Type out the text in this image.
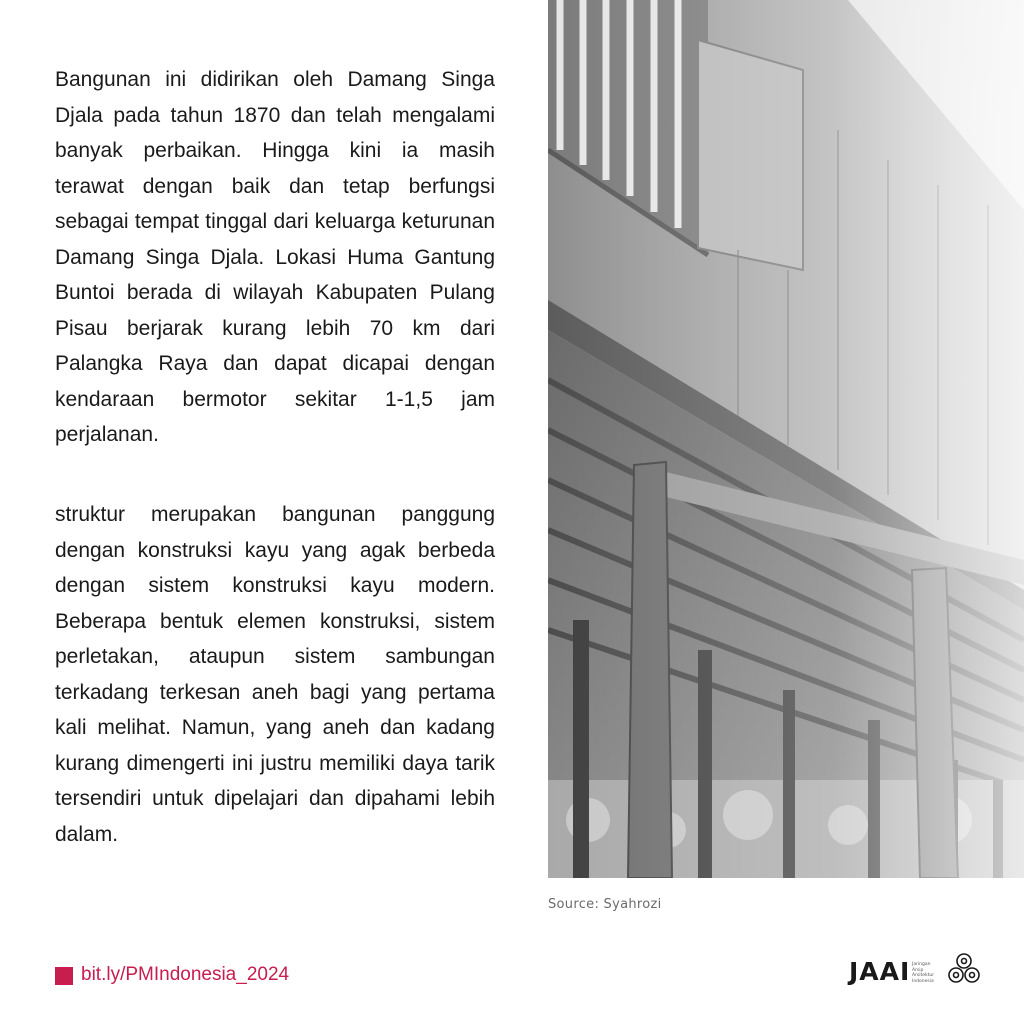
Bangunan ini didirikan oleh Damang Singa Djala pada tahun 1870 dan telah mengalami banyak perbaikan. Hingga kini ia masih terawat dengan baik dan tetap berfungsi sebagai tempat tinggal dari keluarga keturunan Damang Singa Djala. Lokasi Huma Gantung Buntoi berada di wilayah Kabupaten Pulang Pisau berjarak kurang lebih 70 km dari Palangka Raya dan dapat dicapai dengan kendaraan bermotor sekitar 1-1,5 jam perjalanan.

struktur merupakan bangunan panggung dengan konstruksi kayu yang agak berbeda dengan sistem konstruksi kayu modern. Beberapa bentuk elemen konstruksi, sistem perletakan, ataupun sistem sambungan terkadang terkesan aneh bagi yang pertama kali melihat. Namun, yang aneh dan kadang kurang dimengerti ini justru memiliki daya tarik tersendiri untuk dipelajari dan dipahami lebih dalam.

Source: Syahrozi
bit.ly/PMIndonesia_2024	JAAI Jaringan
Arsip
Arsitektur
Indonesia
